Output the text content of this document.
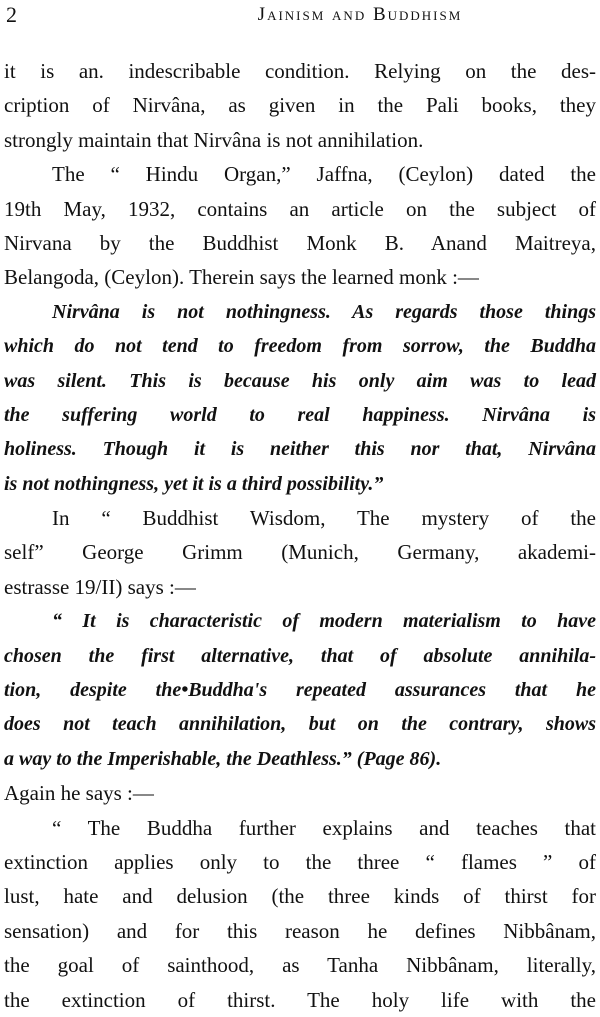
2	Jainism and Buddhism
it is an. indescribable condition. Relying on the des-
cription of Nirvâna, as given in the Pali books, they
strongly maintain that Nirvâna is not annihilation.
The “ Hindu Organ,” Jaffna, (Ceylon) dated the
19th May, 1932, contains an article on the subject of
Nirvana by the Buddhist Monk B. Anand Maitreya,
Belangoda, (Ceylon). Therein says the learned monk :—
Nirvâna is not nothingness. As regards those things
which do not tend to freedom from sorrow, the Buddha
was silent. This is because his only aim was to lead
the suffering world to real happiness. Nirvâna is
holiness. Though it is neither this nor that, Nirvâna
is not nothingness, yet it is a third possibility.”
In “ Buddhist Wisdom, The mystery of the
self” George Grimm (Munich, Germany, akademi-
estrasse 19/II) says :—
“ It is characteristic of modern materialism to have
chosen the first alternative, that of absolute annihila-
tion, despite the•Buddha's repeated assurances that he
does not teach annihilation, but on the contrary, shows
a way to the Imperishable, the Deathless.” (Page 86).
Again he says :—
“ The Buddha further explains and teaches that
extinction applies only to the three “ flames ” of
lust, hate and delusion (the three kinds of thirst for
sensation) and for this reason he defines Nibbânam,
the goal of sainthood, as Tanha Nibbânam, literally,
the extinction of thirst. The holy life with the
